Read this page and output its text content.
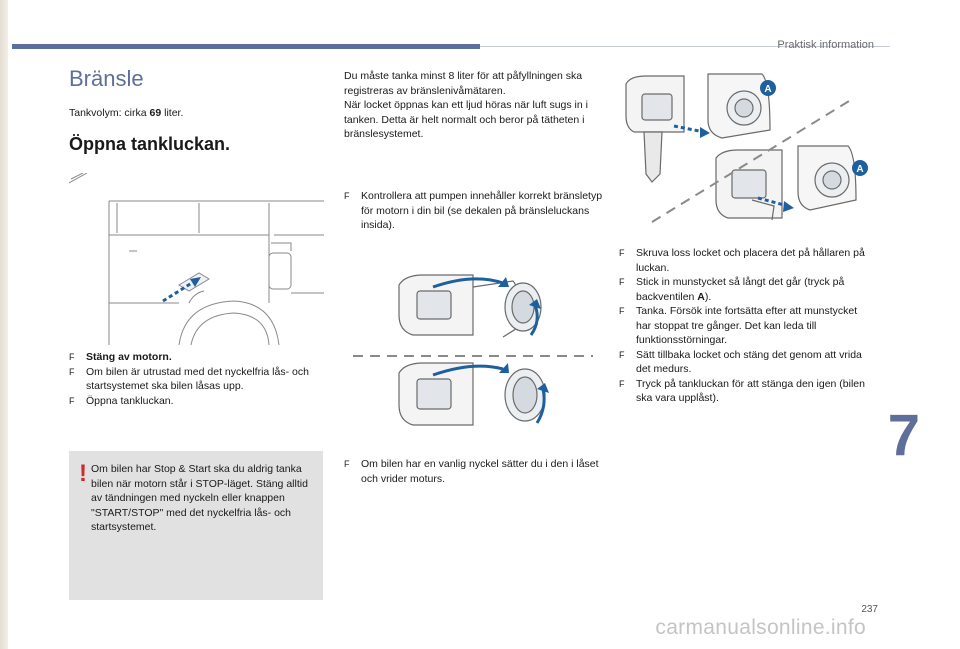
Praktisk information
Bränsle

Tankvolym: cirka 69 liter.

Öppna tankluckan.
F Stäng av motorn.
F Om bilen är utrustad med det nyckelfria lås- och startsystemet ska bilen låsas upp.
F Öppna tankluckan.
! Om bilen har Stop & Start ska du aldrig tanka bilen när motorn står i STOP-läget. Stäng alltid av tändningen med nyckeln eller knappen "START/STOP" med det nyckelfria lås- och startsystemet.

Du måste tanka minst 8 liter för att påfyllningen ska registreras av bränslenivåmätaren.

När locket öppnas kan ett ljud höras när luft sugs in i tanken. Detta är helt normalt och beror på tätheten i bränslesystemet.

F Kontrollera att pumpen innehåller korrekt bränsletyp för motorn i din bil (se dekalen på bränsleluckans insida).
F Om bilen har en vanlig nyckel sätter du i den i låset och vrider moturs.
A
A
F Skruva loss locket och placera det på hållaren på luckan.
F Stick in munstycket så långt det går (tryck på backventilen A).
F Tanka. Försök inte fortsätta efter att munstycket har stoppat tre gånger. Det kan leda till funktionsstörningar.
F Sätt tillbaka locket och stäng det genom att vrida det medurs.
F Tryck på tankluckan för att stänga den igen (bilen ska vara upplåst).
7
237
carmanualsonline.info
